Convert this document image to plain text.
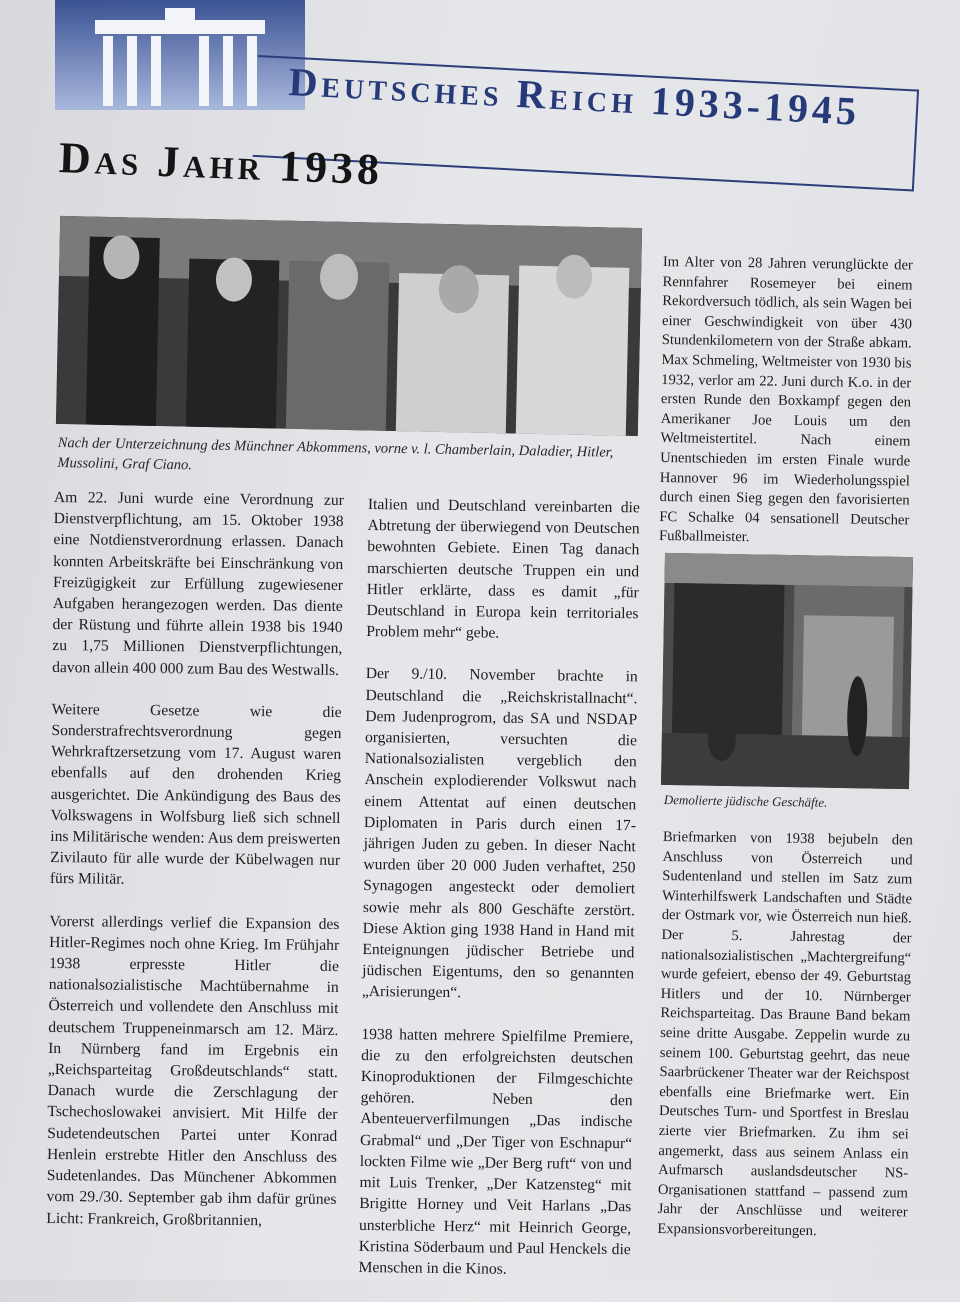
Deutsches Reich 1933-1945
Das Jahr 1938
Nach der Unterzeichnung des Münchner Abkommens, vorne v. l. Chamberlain, Daladier, Hitler, Mussolini, Graf Ciano.

Am 22. Juni wurde eine Verordnung zur Dienstverpflichtung, am 15. Oktober 1938 eine Notdienstverordnung erlassen. Danach konnten Arbeitskräfte bei Einschränkung von Freizügigkeit zur Erfüllung zugewiesener Aufgaben herangezogen werden. Das diente der Rüstung und führte allein 1938 bis 1940 zu 1,75 Millionen Dienstverpflichtungen, davon allein 400 000 zum Bau des Westwalls.

Weitere Gesetze wie die Sonderstrafrechtsverordnung gegen Wehrkraftzersetzung vom 17. August waren ebenfalls auf den drohenden Krieg ausgerichtet. Die Ankündigung des Baus des Volkswagens in Wolfsburg ließ sich schnell ins Militärische wenden: Aus dem preiswerten Zivilauto für alle wurde der Kübelwagen nur fürs Militär.

Vorerst allerdings verlief die Expansion des Hitler-Regimes noch ohne Krieg. Im Frühjahr 1938 erpresste Hitler die nationalsozialistische Machtübernahme in Österreich und vollendete den Anschluss mit deutschem Truppeneinmarsch am 12. März. In Nürnberg fand im Ergebnis ein „Reichsparteitag Großdeutschlands“ statt. Danach wurde die Zerschlagung der Tschechoslowakei anvisiert. Mit Hilfe der Sudetendeutschen Partei unter Konrad Henlein erstrebte Hitler den Anschluss des Sudetenlandes. Das Münchener Abkommen vom 29./30. September gab ihm dafür grünes Licht: Frankreich, Großbritannien,

Italien und Deutschland vereinbarten die Abtretung der überwiegend von Deutschen bewohnten Gebiete. Einen Tag danach marschierten deutsche Truppen ein und Hitler erklärte, dass es damit „für Deutschland in Europa kein territoriales Problem mehr“ gebe.

Der 9./10. November brachte in Deutschland die „Reichskristallnacht“. Dem Judenprogrom, das SA und NSDAP organisierten, versuchten die Nationalsozialisten vergeblich den Anschein explodierender Volkswut nach einem Attentat auf einen deutschen Diplomaten in Paris durch einen 17-jährigen Juden zu geben. In dieser Nacht wurden über 20 000 Juden verhaftet, 250 Synagogen angesteckt oder demoliert sowie mehr als 800 Geschäfte zerstört. Diese Aktion ging 1938 Hand in Hand mit Enteignungen jüdischer Betriebe und jüdischen Eigentums, den so genannten „Arisierungen“.

1938 hatten mehrere Spielfilme Premiere, die zu den erfolgreichsten deutschen Kinoproduktionen der Filmgeschichte gehören. Neben den Abenteuerverfilmungen „Das indische Grabmal“ und „Der Tiger von Eschnapur“ lockten Filme wie „Der Berg ruft“ von und mit Luis Trenker, „Der Katzensteg“ mit Brigitte Horney und Veit Harlans „Das unsterbliche Herz“ mit Heinrich George, Kristina Söderbaum und Paul Henckels die Menschen in die Kinos.

Im Alter von 28 Jahren verunglückte der Rennfahrer Rosemeyer bei einem Rekordversuch tödlich, als sein Wagen bei einer Geschwindigkeit von über 430 Stundenkilometern von der Straße abkam. Max Schmeling, Weltmeister von 1930 bis 1932, verlor am 22. Juni durch K.o. in der ersten Runde den Boxkampf gegen den Amerikaner Joe Louis um den Weltmeistertitel. Nach einem Unentschieden im ersten Finale wurde Hannover 96 im Wiederholungsspiel durch einen Sieg gegen den favorisierten FC Schalke 04 sensationell Deutscher Fußballmeister.

Demolierte jüdische Geschäfte.

Briefmarken von 1938 bejubeln den Anschluss von Österreich und Sudentenland und stellen im Satz zum Winterhilfswerk Landschaften und Städte der Ostmark vor, wie Österreich nun hieß. Der 5. Jahrestag der nationalsozialistischen „Machtergreifung“ wurde gefeiert, ebenso der 49. Geburtstag Hitlers und der 10. Nürnberger Reichsparteitag. Das Braune Band bekam seine dritte Ausgabe. Zeppelin wurde zu seinem 100. Geburtstag geehrt, das neue Saarbrückener Theater war der Reichspost ebenfalls eine Briefmarke wert. Ein Deutsches Turn- und Sportfest in Breslau zierte vier Briefmarken. Zu ihm sei angemerkt, dass aus seinem Anlass ein Aufmarsch auslandsdeutscher NS-Organisationen stattfand – passend zum Jahr der Anschlüsse und weiterer Expansionsvorbereitungen.
